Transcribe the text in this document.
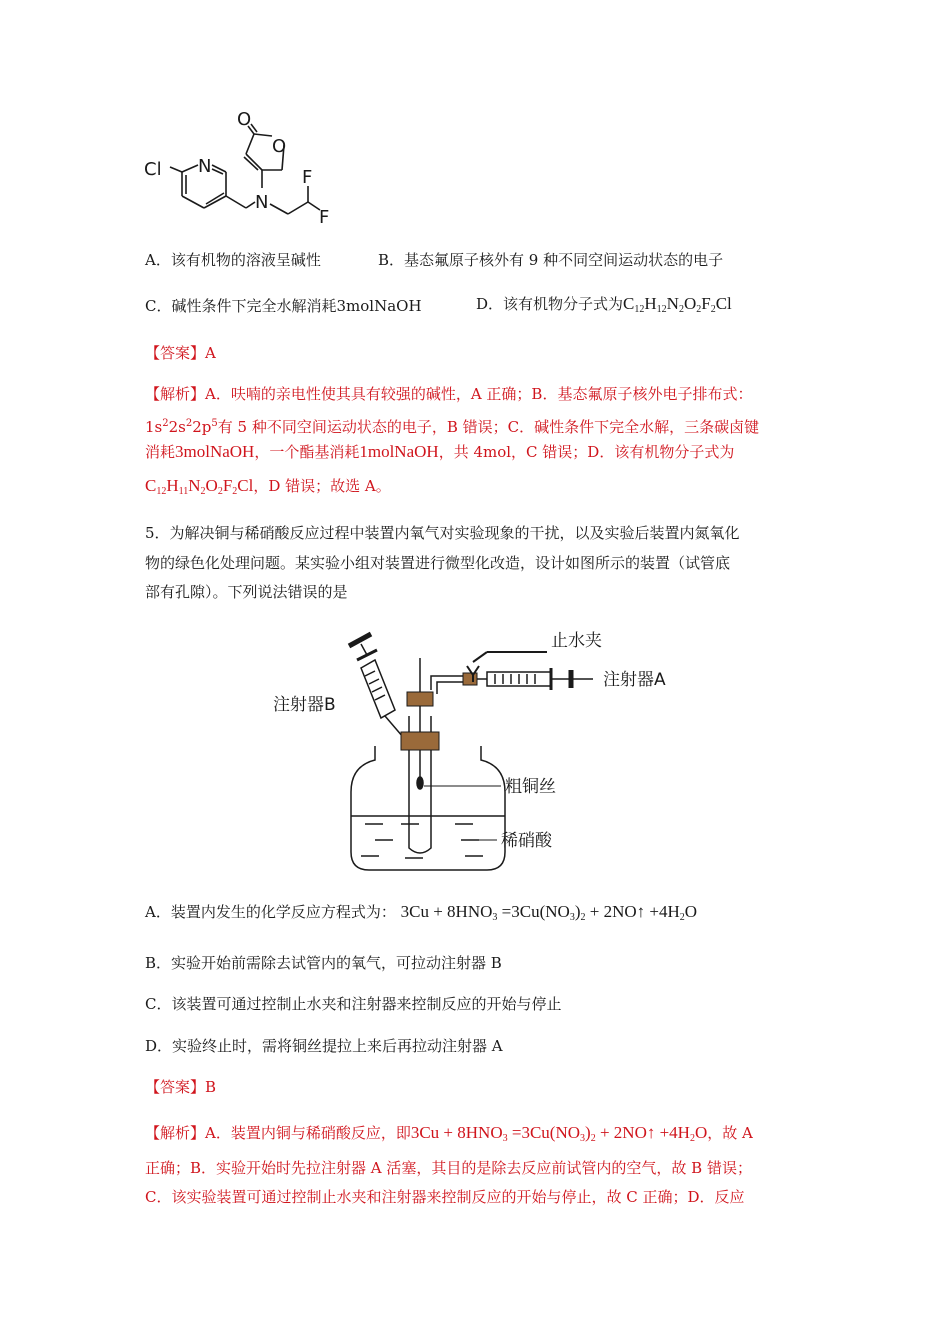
O
O
N
Cl
N
F
F
A．该有机物的溶液呈碱性	B．基态氟原子核外有 9 种不同空间运动状态的电子
C．碱性条件下完全水解消耗3molNaOH	D．该有机物分子式为$C_{12}H_{12}N_2O_2F_2Cl$
【答案】A
【解析】A．呋喃的亲电性使其具有较强的碱性，A 正确；B．基态氟原子核外电子排布式：
$1s^22s^22p^5$有 5 种不同空间运动状态的电子，B 错误；C．碱性条件下完全水解，三条碳卤键
消耗3molNaOH，一个酯基消耗1molNaOH，共 4mol，C 错误；D．该有机物分子式为
$C_{12}H_{11}N_2O_2F_2Cl$，D 错误；故选 A。
5．为解决铜与稀硝酸反应过程中装置内氧气对实验现象的干扰，以及实验后装置内氮氧化
物的绿色化处理问题。某实验小组对装置进行微型化改造，设计如图所示的装置（试管底
部有孔隙）。下列说法错误的是
止水夹
注射器A
注射器B
粗铜丝
稀硝酸
A．装置内发生的化学反应方程式为： $3Cu + 8HNO_3 =3Cu(NO_3)_2$ + 2NO↑ $+4H_2O$
B．实验开始前需除去试管内的氧气，可拉动注射器 B
C．该装置可通过控制止水夹和注射器来控制反应的开始与停止
D．实验终止时，需将铜丝提拉上来后再拉动注射器 A
【答案】B
【解析】A．装置内铜与稀硝酸反应，即$3Cu + 8HNO_3 =3Cu(NO_3)_2$ + 2NO↑ $+4H_2O$，故 A
正确；B．实验开始时先拉注射器 A 活塞，其目的是除去反应前试管内的空气，故 B 错误；
C．该实验装置可通过控制止水夹和注射器来控制反应的开始与停止，故 C 正确；D．反应
